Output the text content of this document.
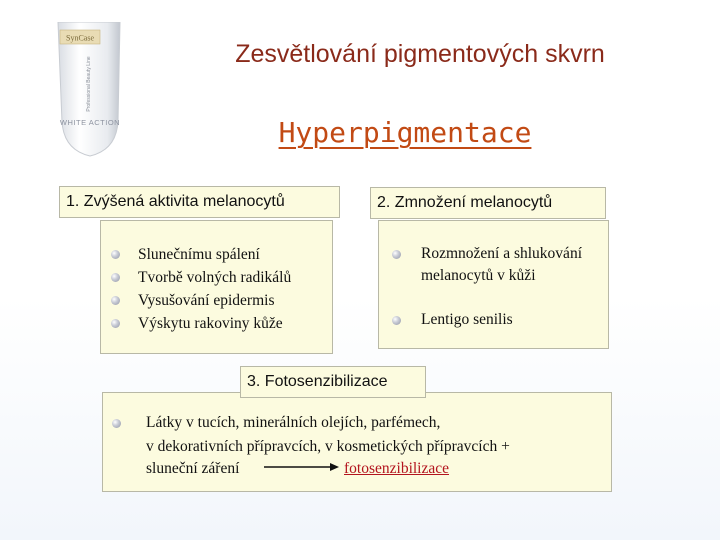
SynCase
Professional Beauty Line
WHITE ACTION
Zesvětlování pigmentových skvrn
Hyperpigmentace
1. Zvýšená aktivita melanocytů
Slunečnímu spálení
Tvorbě volných radikálů
Vysušování epidermis
Výskytu rakoviny kůže
2. Zmnožení melanocytů
Rozmnožení a shlukování melanocytů v kůži
Lentigo senilis
3. Fotosenzibilizace
Látky v tucích, minerálních olejích, parfémech,
v dekorativních přípravcích, v kosmetických přípravcích +
sluneční záření	fotosenzibilizace
